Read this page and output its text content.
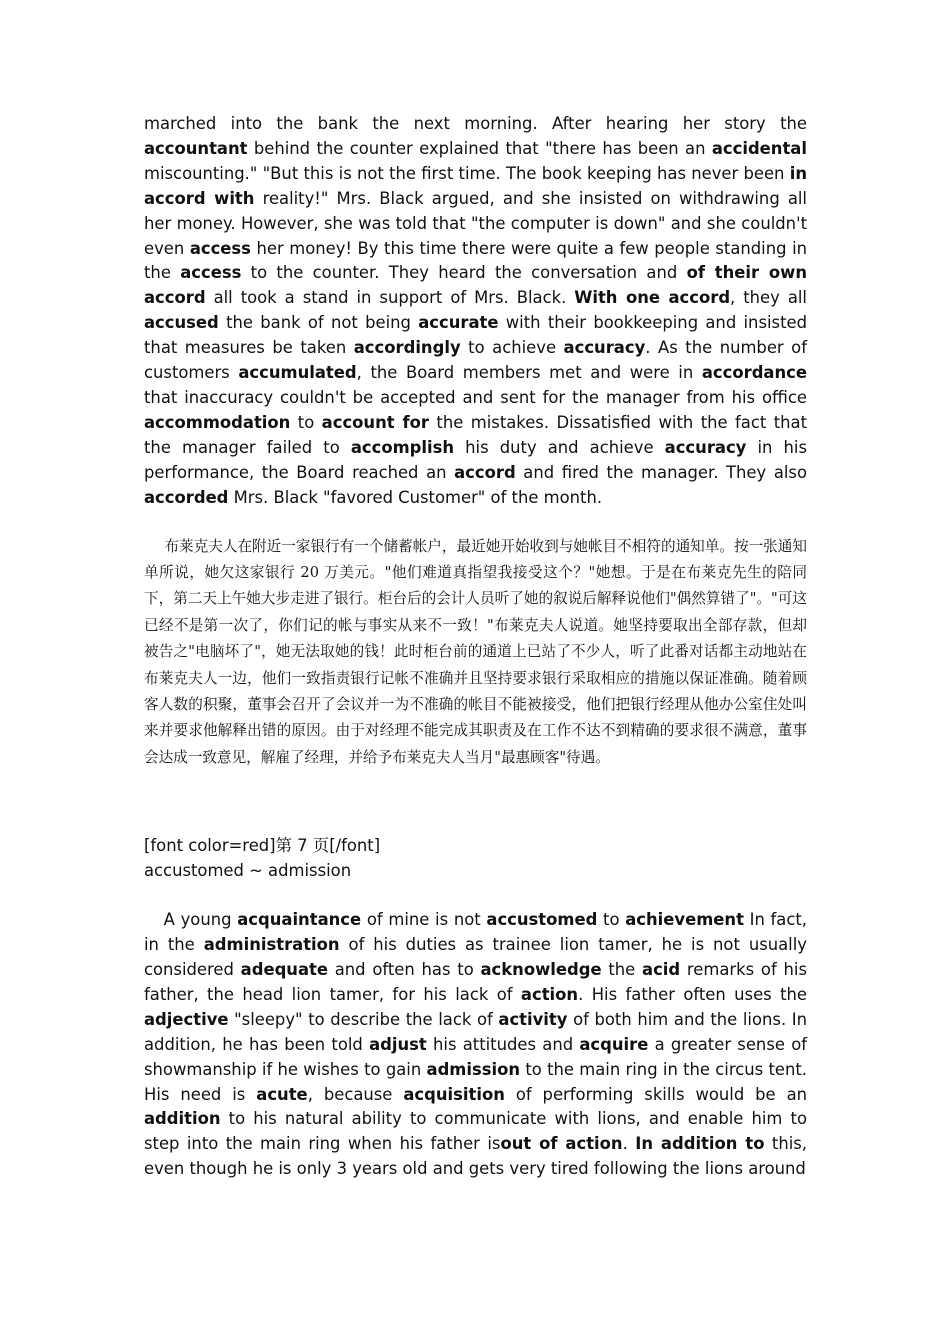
marched into the bank the next morning. After hearing her story the accountant behind the counter explained that "there has been an accidental miscounting." "But this is not the first time. The book keeping has never been in accord with reality!" Mrs. Black argued, and she insisted on withdrawing all her money. However, she was told that "the computer is down" and she couldn't even access her money! By this time there were quite a few people standing in the access to the counter. They heard the conversation and of their own accord all took a stand in support of Mrs. Black. With one accord, they all accused the bank of not being accurate with their bookkeeping and insisted that measures be taken accordingly to achieve accuracy. As the number of customers accumulated, the Board members met and were in accordance that inaccuracy couldn't be accepted and sent for the manager from his office accommodation to account for the mistakes. Dissatisfied with the fact that the manager failed to accomplish his duty and achieve accuracy in his performance, the Board reached an accord and fired the manager. They also accorded Mrs. Black "favored Customer" of the month.

布莱克夫人在附近一家银行有一个储蓄帐户，最近她开始收到与她帐目不相符的通知单。按一张通知单所说，她欠这家银行 20 万美元。"他们难道真指望我接受这个？"她想。于是在布莱克先生的陪同下，第二天上午她大步走进了银行。柜台后的会计人员听了她的叙说后解释说他们"偶然算错了"。"可这已经不是第一次了，你们记的帐与事实从来不一致！"布莱克夫人说道。她坚持要取出全部存款，但却被告之"电脑坏了"，她无法取她的钱！此时柜台前的通道上已站了不少人，听了此番对话都主动地站在布莱克夫人一边，他们一致指责银行记帐不准确并且坚持要求银行采取相应的措施以保证准确。随着顾客人数的积聚，董事会召开了会议并一为不准确的帐目不能被接受，他们把银行经理从他办公室住处叫来并要求他解释出错的原因。由于对经理不能完成其职责及在工作不达不到精确的要求很不满意，董事会达成一致意见，解雇了经理，并给予布莱克夫人当月"最惠顾客"待遇。

[font color=red]第 7 页[/font]
accustomed ~ admission

A young acquaintance of mine is not accustomed to achievement In fact, in the administration of his duties as trainee lion tamer, he is not usually considered adequate and often has to acknowledge the acid remarks of his father, the head lion tamer, for his lack of action. His father often uses the adjective "sleepy" to describe the lack of activity of both him and the lions. In addition, he has been told adjust his attitudes and acquire a greater sense of showmanship if he wishes to gain admission to the main ring in the circus tent. His need is acute, because acquisition of performing skills would be an addition to his natural ability to communicate with lions, and enable him to step into the main ring when his father isout of action. In addition to this, even though he is only 3 years old and gets very tired following the lions around
